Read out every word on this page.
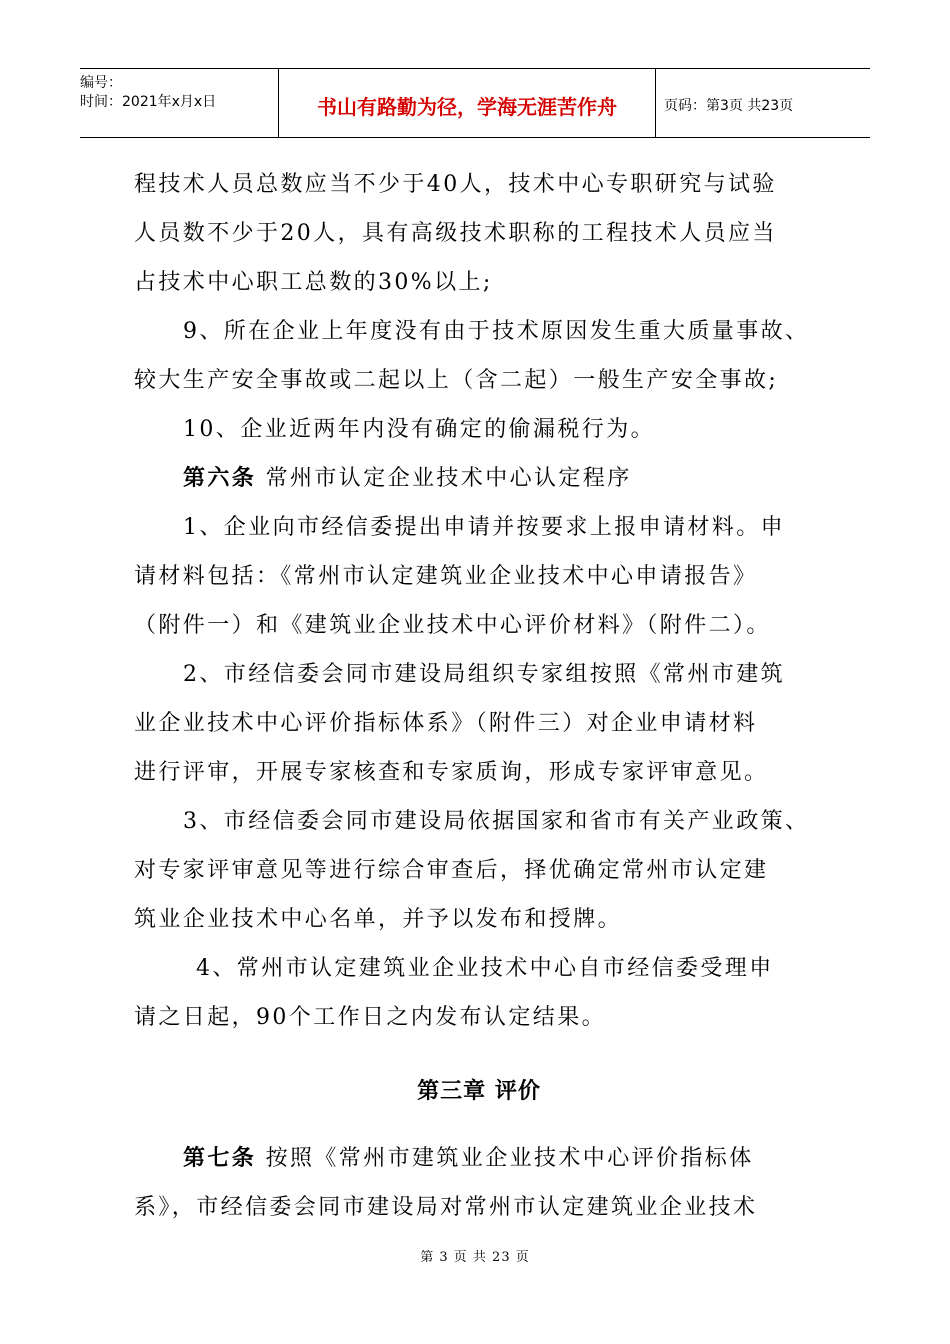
编号：
时间：2021年x月x日	书山有路勤为径，学海无涯苦作舟	页码：第3页 共23页
程技术人员总数应当不少于40人，技术中心专职研究与试验
人员数不少于20人，具有高级技术职称的工程技术人员应当
占技术中心职工总数的30%以上;
9、所在企业上年度没有由于技术原因发生重大质量事故、
较大生产安全事故或二起以上（含二起）一般生产安全事故;
10、企业近两年内没有确定的偷漏税行为。
第六条 常州市认定企业技术中心认定程序
1、企业向市经信委提出申请并按要求上报申请材料。申
请材料包括：《常州市认定建筑业企业技术中心申请报告》
（附件一）和《建筑业企业技术中心评价材料》（附件二）。
2、市经信委会同市建设局组织专家组按照《常州市建筑
业企业技术中心评价指标体系》（附件三）对企业申请材料
进行评审，开展专家核查和专家质询，形成专家评审意见。
3、市经信委会同市建设局依据国家和省市有关产业政策、
对专家评审意见等进行综合审查后，择优确定常州市认定建
筑业企业技术中心名单，并予以发布和授牌。
4、常州市认定建筑业企业技术中心自市经信委受理申
请之日起，90个工作日之内发布认定结果。
第三章 评价
第七条 按照《常州市建筑业企业技术中心评价指标体
系》，市经信委会同市建设局对常州市认定建筑业企业技术
第 3 页 共 23 页
